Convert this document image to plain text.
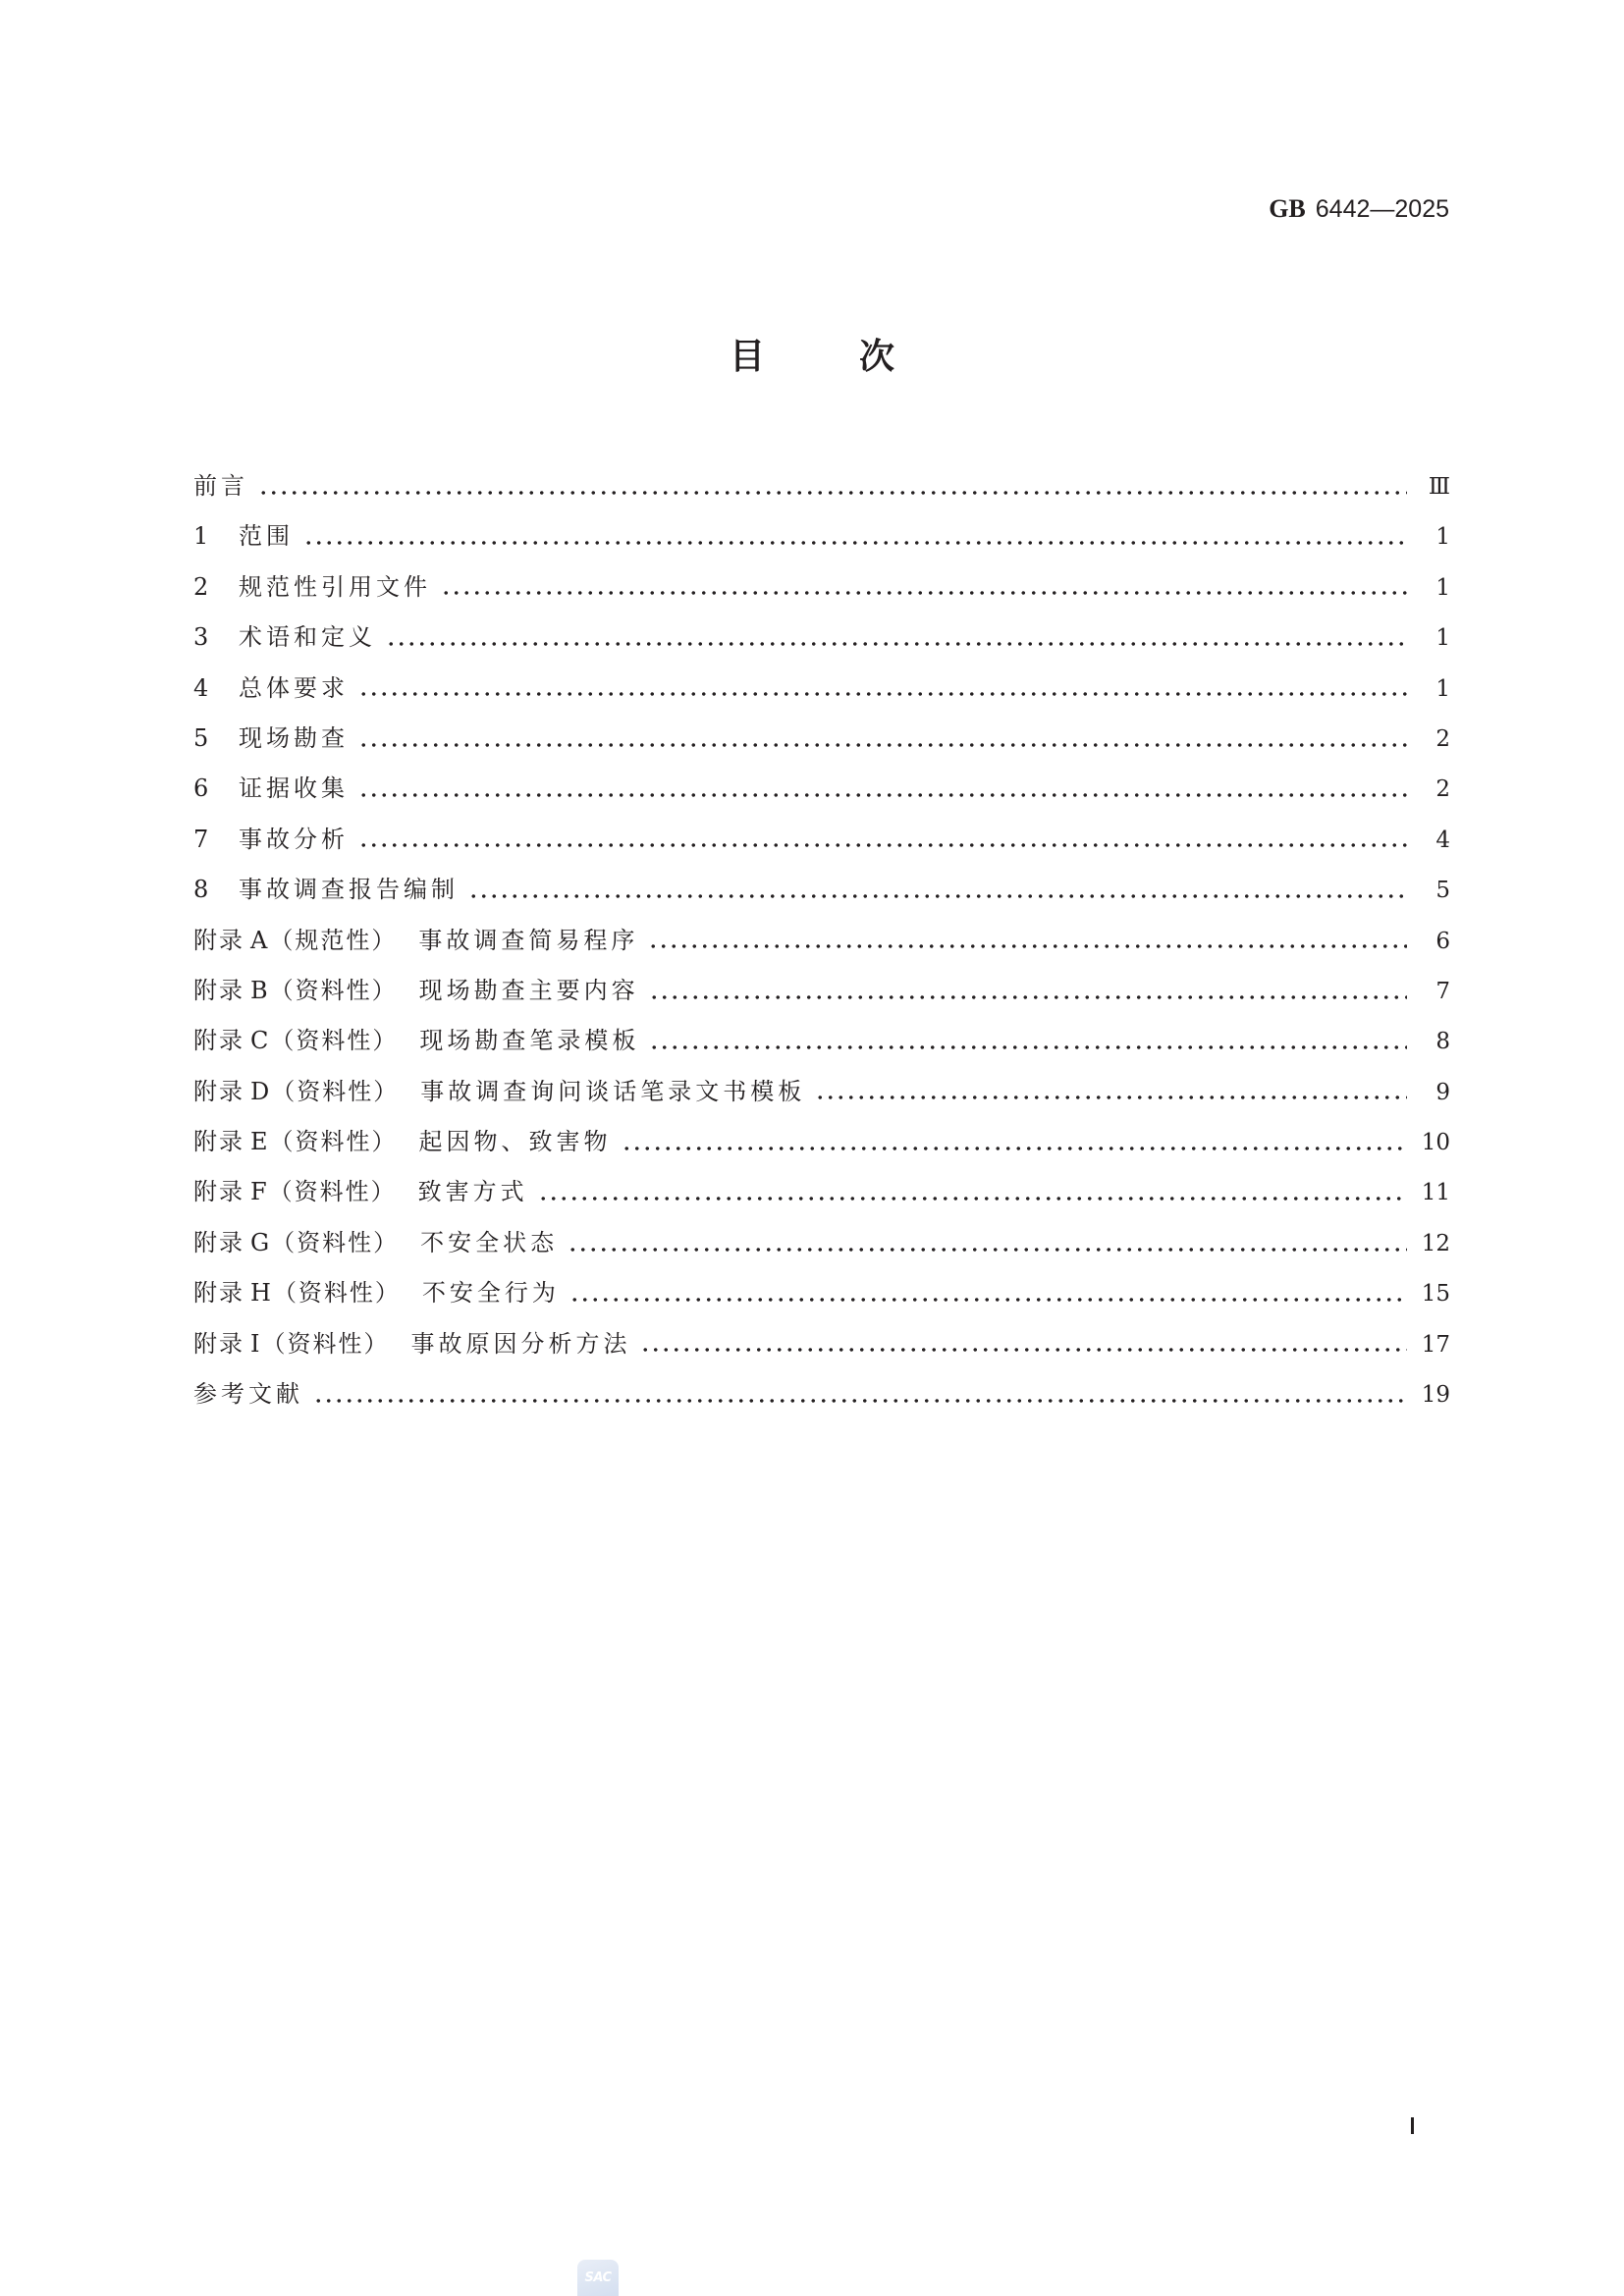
GB 6442—2025
目	次
前言	Ⅲ
1	范围	1
2	规范性引用文件	1
3	术语和定义	1
4	总体要求	1
5	现场勘查	2
6	证据收集	2
7	事故分析	4
8	事故调查报告编制	5
附录 A （规范性） 事故调查简易程序	6
附录 B （资料性） 现场勘查主要内容	7
附录 C （资料性） 现场勘查笔录模板	8
附录 D （资料性） 事故调查询问谈话笔录文书模板	9
附录 E （资料性） 起因物、致害物	10
附录 F （资料性） 致害方式	11
附录 G （资料性） 不安全状态	12
附录 H （资料性） 不安全行为	15
附录 I （资料性） 事故原因分析方法	17
参考文献	19
SAC
